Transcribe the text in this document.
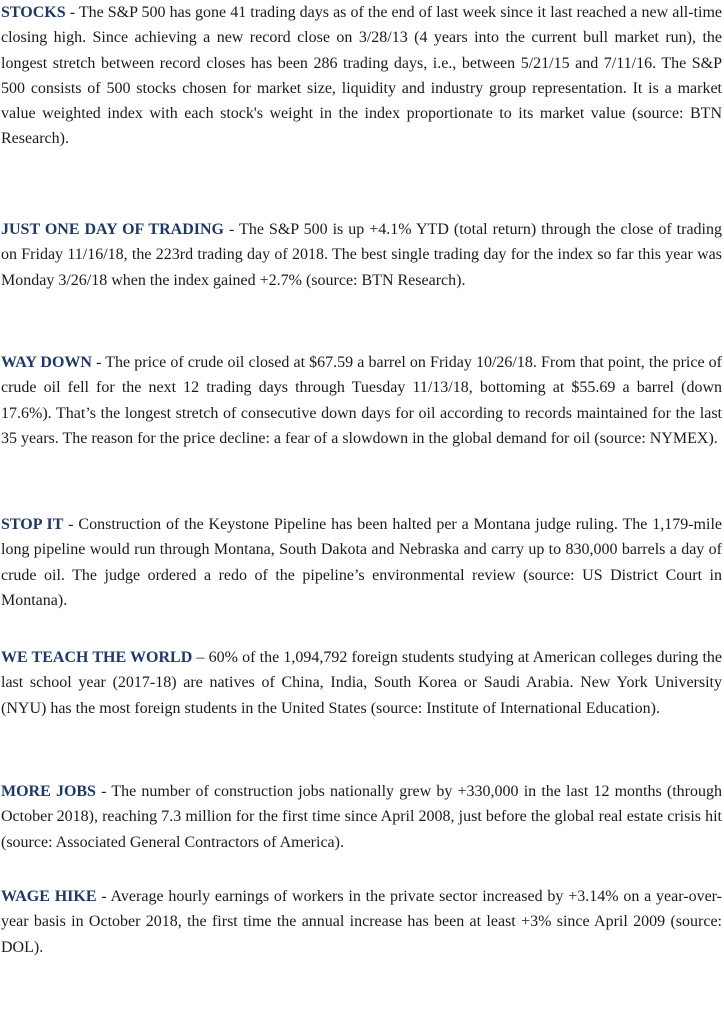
STOCKS - The S&P 500 has gone 41 trading days as of the end of last week since it last reached a new all-time closing high. Since achieving a new record close on 3/28/13 (4 years into the current bull market run), the longest stretch between record closes has been 286 trading days, i.e., between 5/21/15 and 7/11/16. The S&P 500 consists of 500 stocks chosen for market size, liquidity and industry group representation. It is a market value weighted index with each stock's weight in the index proportionate to its market value (source: BTN Research).

JUST ONE DAY OF TRADING - The S&P 500 is up +4.1% YTD (total return) through the close of trading on Friday 11/16/18, the 223rd trading day of 2018. The best single trading day for the index so far this year was Monday 3/26/18 when the index gained +2.7% (source: BTN Research).

WAY DOWN - The price of crude oil closed at $67.59 a barrel on Friday 10/26/18. From that point, the price of crude oil fell for the next 12 trading days through Tuesday 11/13/18, bottoming at $55.69 a barrel (down 17.6%). That’s the longest stretch of consecutive down days for oil according to records maintained for the last 35 years. The reason for the price decline: a fear of a slowdown in the global demand for oil (source: NYMEX).

STOP IT - Construction of the Keystone Pipeline has been halted per a Montana judge ruling. The 1,179-mile long pipeline would run through Montana, South Dakota and Nebraska and carry up to 830,000 barrels a day of crude oil. The judge ordered a redo of the pipeline’s environmental review (source: US District Court in Montana).

WE TEACH THE WORLD – 60% of the 1,094,792 foreign students studying at American colleges during the last school year (2017-18) are natives of China, India, South Korea or Saudi Arabia. New York University (NYU) has the most foreign students in the United States (source: Institute of International Education).

MORE JOBS - The number of construction jobs nationally grew by +330,000 in the last 12 months (through October 2018), reaching 7.3 million for the first time since April 2008, just before the global real estate crisis hit (source: Associated General Contractors of America).

WAGE HIKE - Average hourly earnings of workers in the private sector increased by +3.14% on a year-over-year basis in October 2018, the first time the annual increase has been at least +3% since April 2009 (source: DOL).
